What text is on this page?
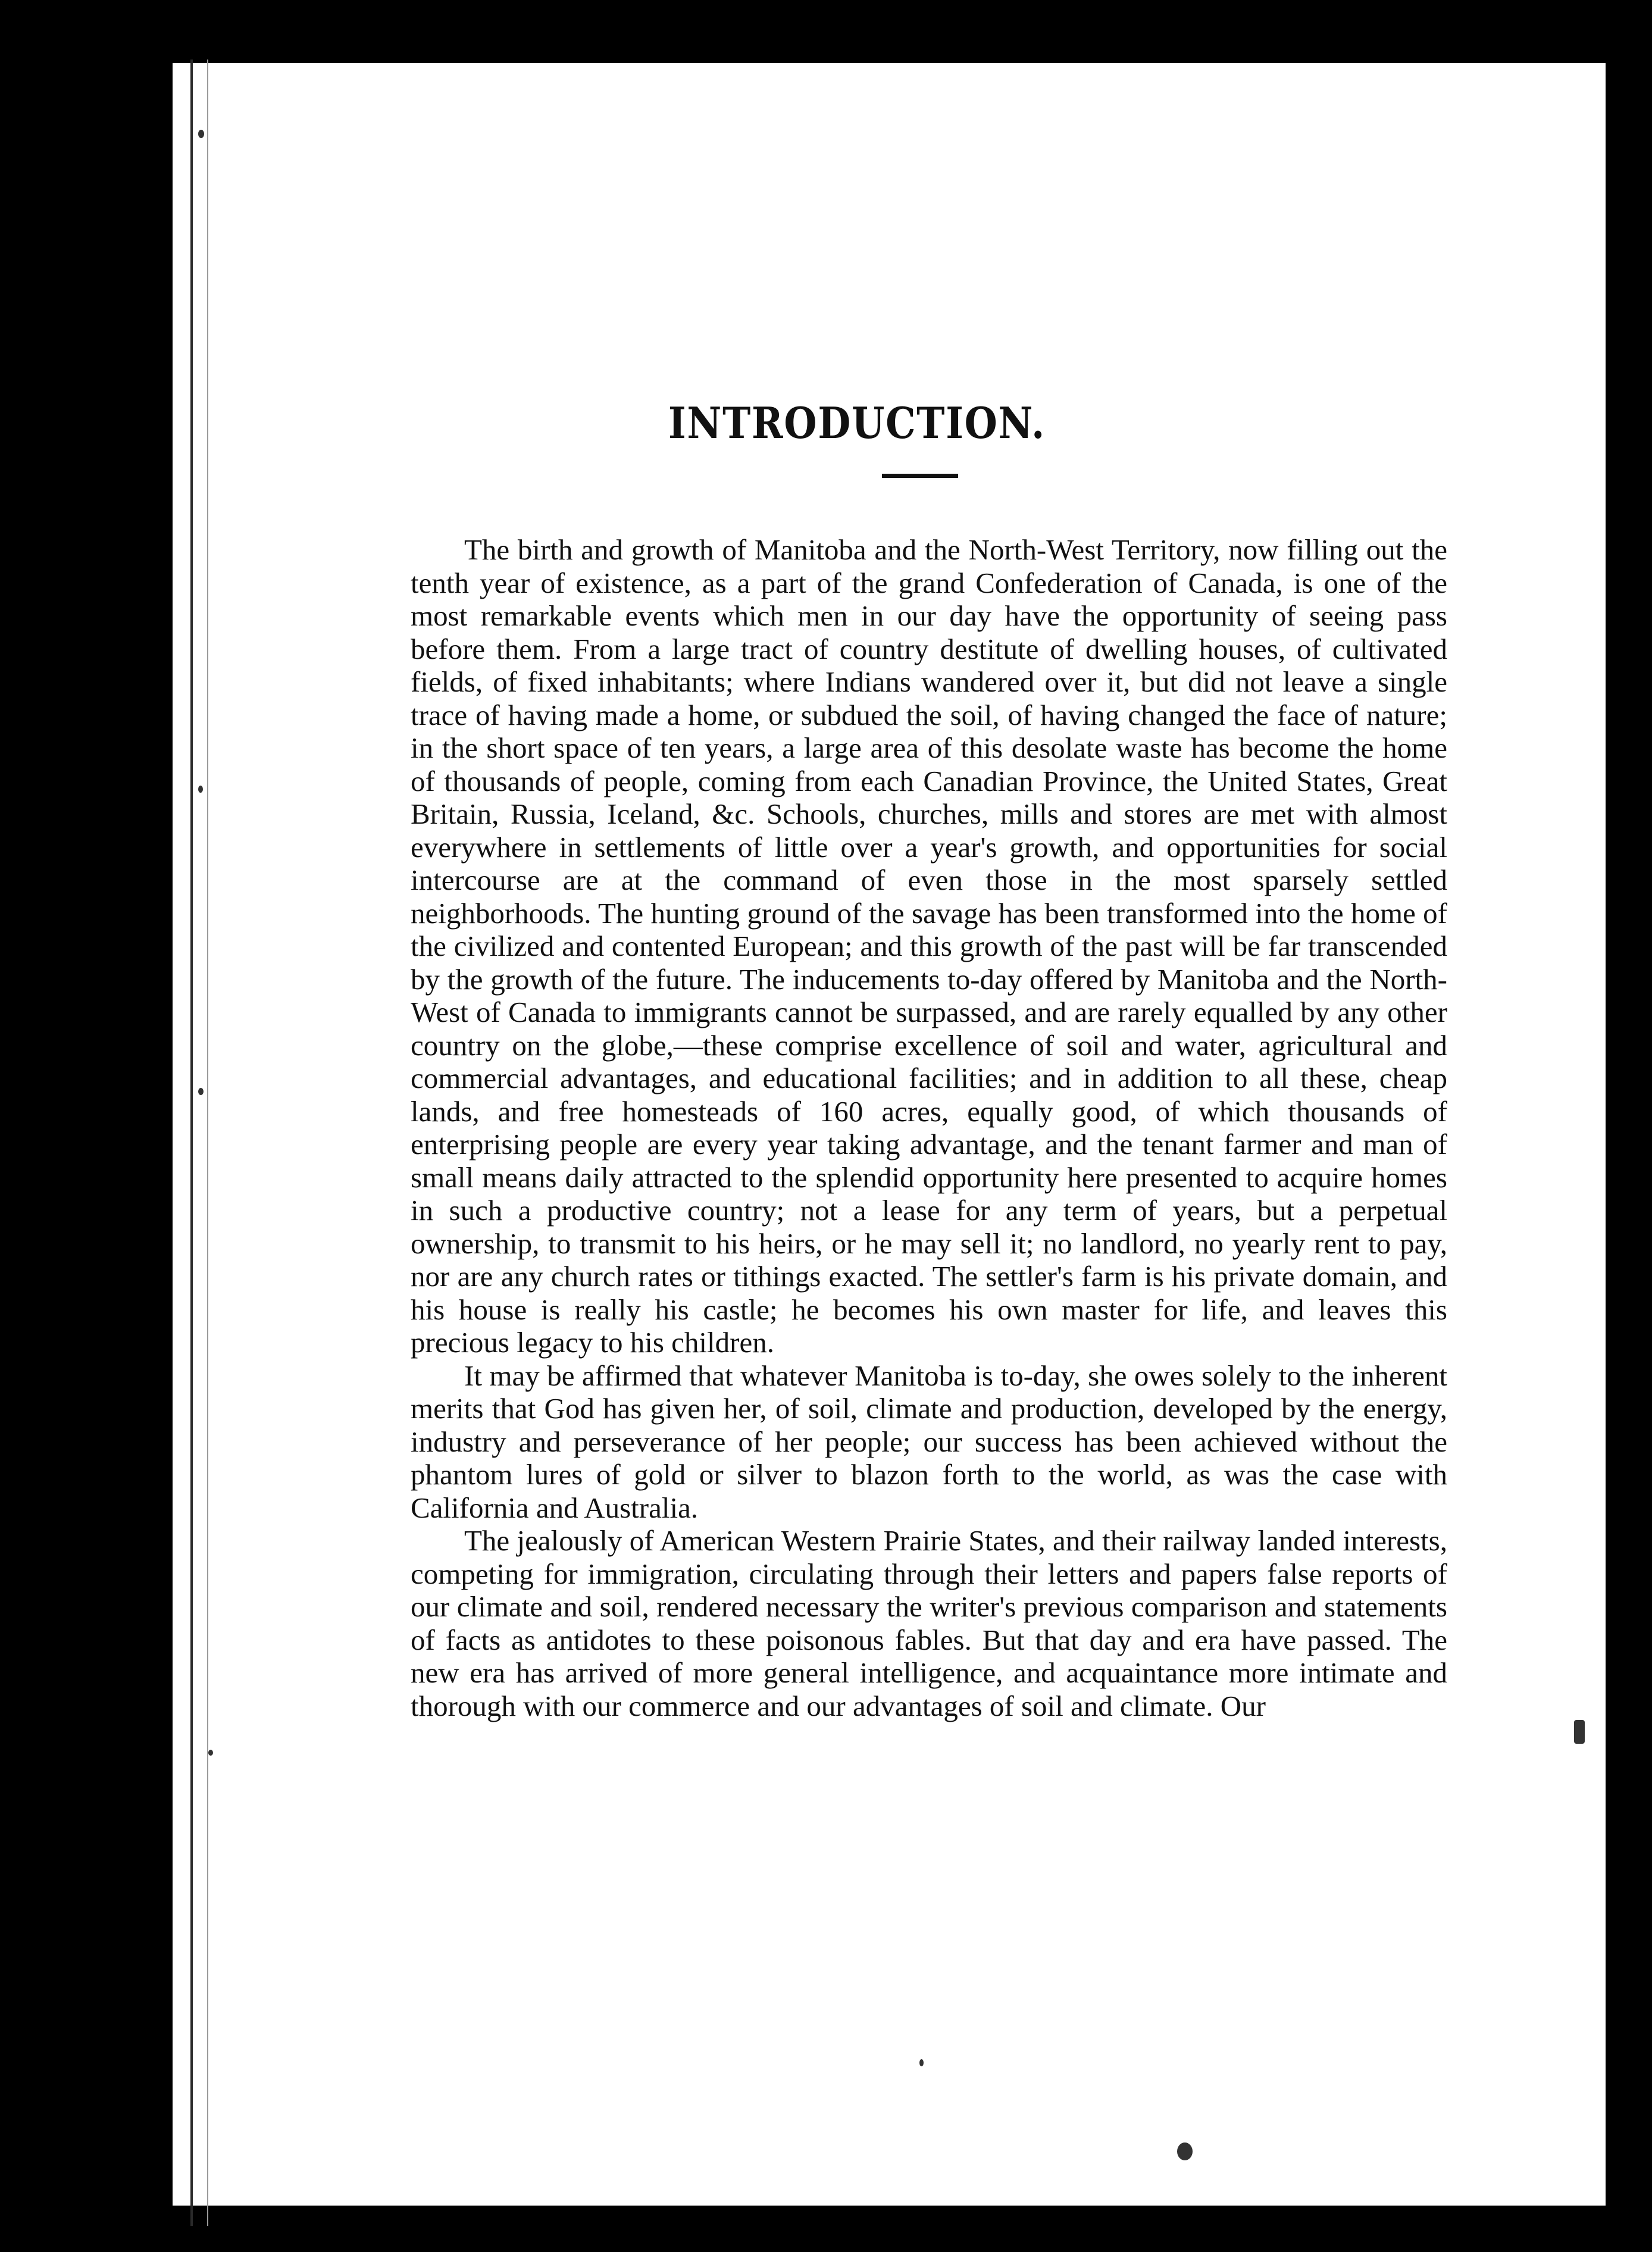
INTRODUCTION.

The birth and growth of Manitoba and the North-West Territory, now filling out the tenth year of existence, as a part of the grand Confederation of Canada, is one of the most remarkable events which men in our day have the opportunity of seeing pass before them. From a large tract of country destitute of dwelling houses, of cultivated fields, of fixed inhabitants; where Indians wandered over it, but did not leave a single trace of having made a home, or subdued the soil, of having changed the face of nature; in the short space of ten years, a large area of this desolate waste has become the home of thousands of people, coming from each Canadian Province, the United States, Great Britain, Russia, Iceland, &c. Schools, churches, mills and stores are met with almost everywhere in settlements of little over a year's growth, and opportunities for social intercourse are at the command of even those in the most sparsely settled neighborhoods. The hunting ground of the savage has been transformed into the home of the civilized and contented European; and this growth of the past will be far transcended by the growth of the future. The inducements to-day offered by Manitoba and the North-West of Canada to immigrants cannot be surpassed, and are rarely equalled by any other country on the globe,—these comprise excellence of soil and water, agricultural and commercial advantages, and educational facilities; and in addition to all these, cheap lands, and free homesteads of 160 acres, equally good, of which thousands of enterprising people are every year taking advantage, and the tenant farmer and man of small means daily attracted to the splendid opportunity here presented to acquire homes in such a productive country; not a lease for any term of years, but a perpetual ownership, to transmit to his heirs, or he may sell it; no landlord, no yearly rent to pay, nor are any church rates or tithings exacted. The settler's farm is his private domain, and his house is really his castle; he becomes his own master for life, and leaves this precious legacy to his children.

It may be affirmed that whatever Manitoba is to-day, she owes solely to the inherent merits that God has given her, of soil, climate and production, developed by the energy, industry and perseverance of her people; our success has been achieved without the phantom lures of gold or silver to blazon forth to the world, as was the case with California and Australia.

The jealously of American Western Prairie States, and their railway landed interests, competing for immigration, circulating through their letters and papers false reports of our climate and soil, rendered necessary the writer's previous comparison and statements of facts as antidotes to these poisonous fables. But that day and era have passed. The new era has arrived of more general intelligence, and acquaintance more intimate and thorough with our commerce and our advantages of soil and climate. Our
